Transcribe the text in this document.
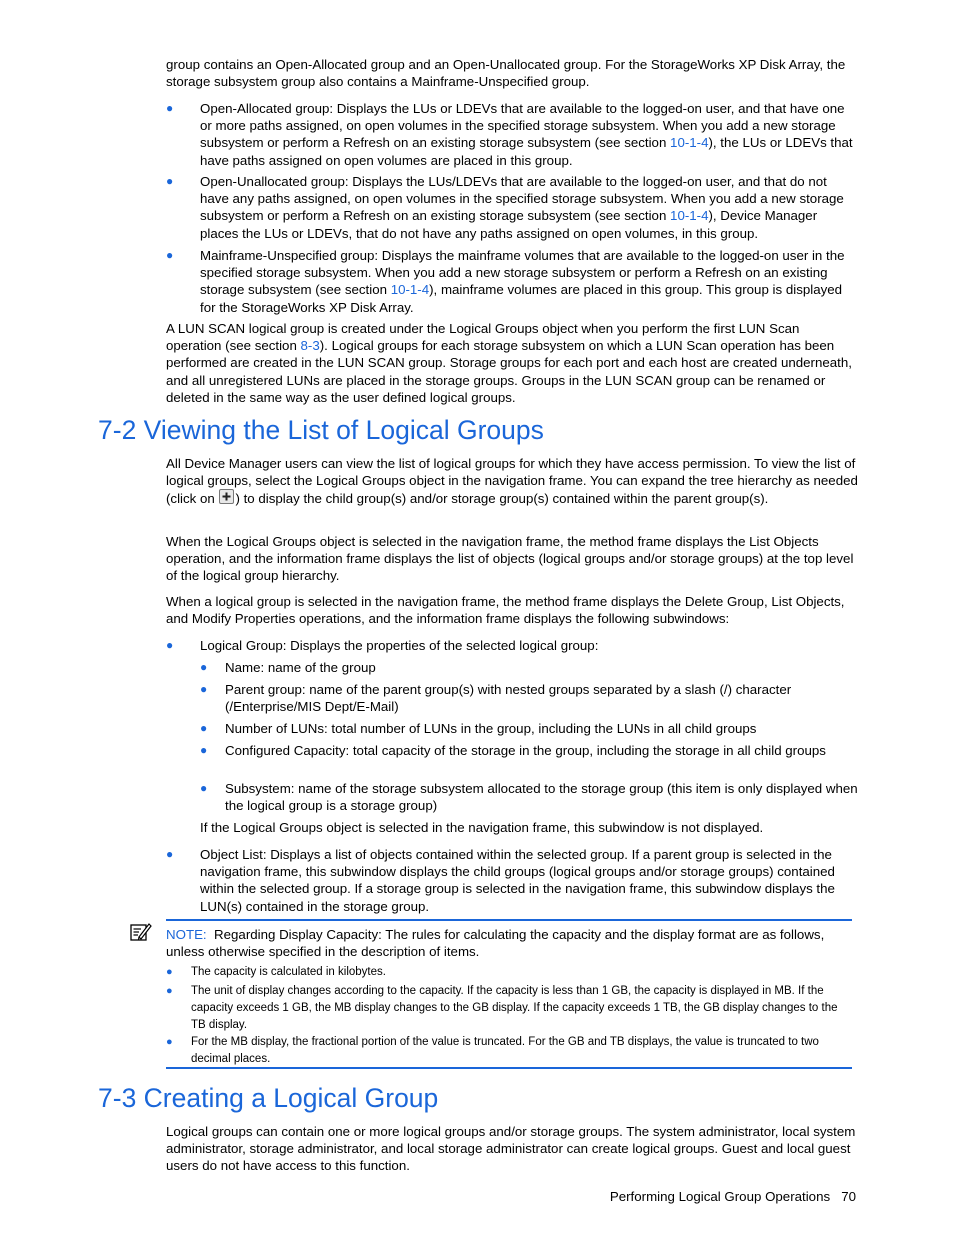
group contains an Open-Allocated group and an Open-Unallocated group. For the StorageWorks XP Disk Array, the storage subsystem group also contains a Mainframe-Unspecified group.

● Open-Allocated group: Displays the LUs or LDEVs that are available to the logged-on user, and that have one or more paths assigned, on open volumes in the specified storage subsystem. When you add a new storage subsystem or perform a Refresh on an existing storage subsystem (see section 10-1-4), the LUs or LDEVs that have paths assigned on open volumes are placed in this group.

● Open-Unallocated group: Displays the LUs/LDEVs that are available to the logged-on user, and that do not have any paths assigned, on open volumes in the specified storage subsystem. When you add a new storage subsystem or perform a Refresh on an existing storage subsystem (see section 10-1-4), Device Manager places the LUs or LDEVs, that do not have any paths assigned on open volumes, in this group.

● Mainframe-Unspecified group: Displays the mainframe volumes that are available to the logged-on user in the specified storage subsystem. When you add a new storage subsystem or perform a Refresh on an existing storage subsystem (see section 10-1-4), mainframe volumes are placed in this group. This group is displayed for the StorageWorks XP Disk Array.

A LUN SCAN logical group is created under the Logical Groups object when you perform the first LUN Scan operation (see section 8-3). Logical groups for each storage subsystem on which a LUN Scan operation has been performed are created in the LUN SCAN group. Storage groups for each port and each host are created underneath, and all unregistered LUNs are placed in the storage groups. Groups in the LUN SCAN group can be renamed or deleted in the same way as the user defined logical groups.

7-2 Viewing the List of Logical Groups

All Device Manager users can view the list of logical groups for which they have access permission. To view the list of logical groups, select the Logical Groups object in the navigation frame. You can expand the tree hierarchy as needed (click on
) to display the child group(s) and/or storage group(s) contained within the parent group(s).

When the Logical Groups object is selected in the navigation frame, the method frame displays the List Objects operation, and the information frame displays the list of objects (logical groups and/or storage groups) at the top level of the logical group hierarchy.

When a logical group is selected in the navigation frame, the method frame displays the Delete Group, List Objects, and Modify Properties operations, and the information frame displays the following subwindows:

● Logical Group: Displays the properties of the selected logical group:

● Name: name of the group

● Parent group: name of the parent group(s) with nested groups separated by a slash (/) character (/Enterprise/MIS Dept/E-Mail)

● Number of LUNs: total number of LUNs in the group, including the LUNs in all child groups

● Configured Capacity: total capacity of the storage in the group, including the storage in all child groups

● Subsystem: name of the storage subsystem allocated to the storage group (this item is only displayed when the logical group is a storage group)

If the Logical Groups object is selected in the navigation frame, this subwindow is not displayed.

● Object List: Displays a list of objects contained within the selected group. If a parent group is selected in the navigation frame, this subwindow displays the child groups (logical groups and/or storage groups) contained within the selected group. If a storage group is selected in the navigation frame, this subwindow displays the LUN(s) contained in the storage group.

NOTE: Regarding Display Capacity: The rules for calculating the capacity and the display format are as follows, unless otherwise specified in the description of items.

● The capacity is calculated in kilobytes.

● The unit of display changes according to the capacity. If the capacity is less than 1 GB, the capacity is displayed in MB. If the capacity exceeds 1 GB, the MB display changes to the GB display. If the capacity exceeds 1 TB, the GB display changes to the TB display.

● For the MB display, the fractional portion of the value is truncated. For the GB and TB displays, the value is truncated to two decimal places.

7-3 Creating a Logical Group

Logical groups can contain one or more logical groups and/or storage groups. The system administrator, local system administrator, storage administrator, and local storage administrator can create logical groups. Guest and local guest users do not have access to this function.

Performing Logical Group Operations 70
